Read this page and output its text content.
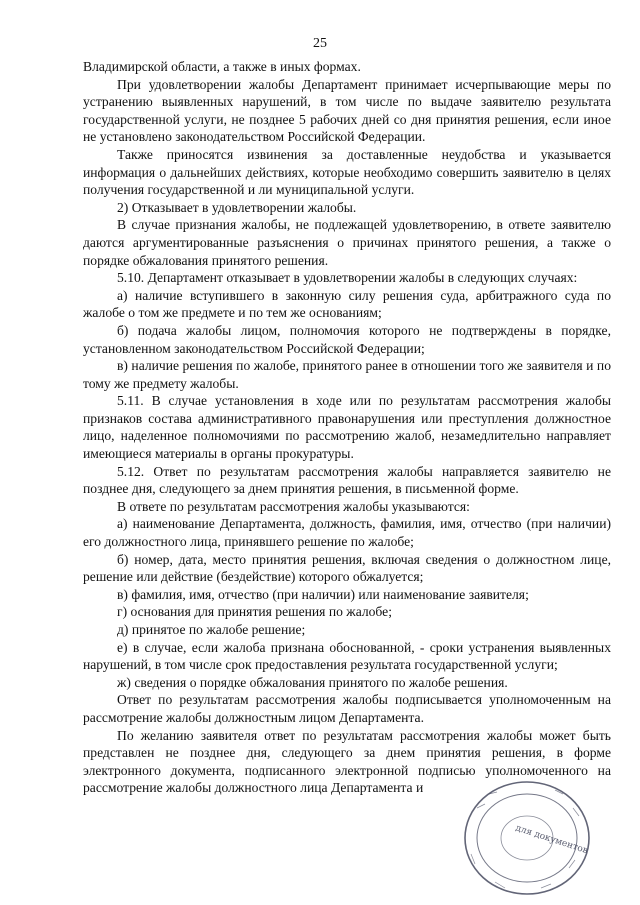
25

Владимирской области, а также в иных формах.

При удовлетворении жалобы Департамент принимает исчерпывающие меры по устранению выявленных нарушений, в том числе по выдаче заявителю результата государственной услуги, не позднее 5 рабочих дней со дня принятия решения, если иное не установлено законодательством Российской Федерации.

Также приносятся извинения за доставленные неудобства и указывается информация о дальнейших действиях, которые необходимо совершить заявителю в целях получения государственной и ли муниципальной услуги.

2) Отказывает в удовлетворении жалобы.

В случае признания жалобы, не подлежащей удовлетворению, в ответе заявителю даются аргументированные разъяснения о причинах принятого решения, а также о порядке обжалования принятого решения.

5.10. Департамент отказывает в удовлетворении жалобы в следующих случаях:

а) наличие вступившего в законную силу решения суда, арбитражного суда по жалобе о том же предмете и по тем же основаниям;

б) подача жалобы лицом, полномочия которого не подтверждены в порядке, установленном законодательством Российской Федерации;

в) наличие решения по жалобе, принятого ранее в отношении того же заявителя и по тому же предмету жалобы.

5.11. В случае установления в ходе или по результатам рассмотрения жалобы признаков состава административного правонарушения или преступления должностное лицо, наделенное полномочиями по рассмотрению жалоб, незамедлительно направляет имеющиеся материалы в органы прокуратуры.

5.12. Ответ по результатам рассмотрения жалобы направляется заявителю не позднее дня, следующего за днем принятия решения, в письменной форме.

В ответе по результатам рассмотрения жалобы указываются:

а) наименование Департамента, должность, фамилия, имя, отчество (при наличии) его должностного лица, принявшего решение по жалобе;

б) номер, дата, место принятия решения, включая сведения о должностном лице, решение или действие (бездействие) которого обжалуется;

в) фамилия, имя, отчество (при наличии) или наименование заявителя;

г) основания для принятия решения по жалобе;

д) принятое по жалобе решение;

е) в случае, если жалоба признана обоснованной, - сроки устранения выявленных нарушений, в том числе срок предоставления результата государственной услуги;

ж) сведения о порядке обжалования принятого по жалобе решения.

Ответ по результатам рассмотрения жалобы подписывается уполномоченным на рассмотрение жалобы должностным лицом Департамента.

По желанию заявителя ответ по результатам рассмотрения жалобы может быть представлен не позднее дня, следующего за днем принятия решения, в форме электронного документа, подписанного электронной подписью уполномоченного на рассмотрение жалобы должностного лица Департамента и

для документов
